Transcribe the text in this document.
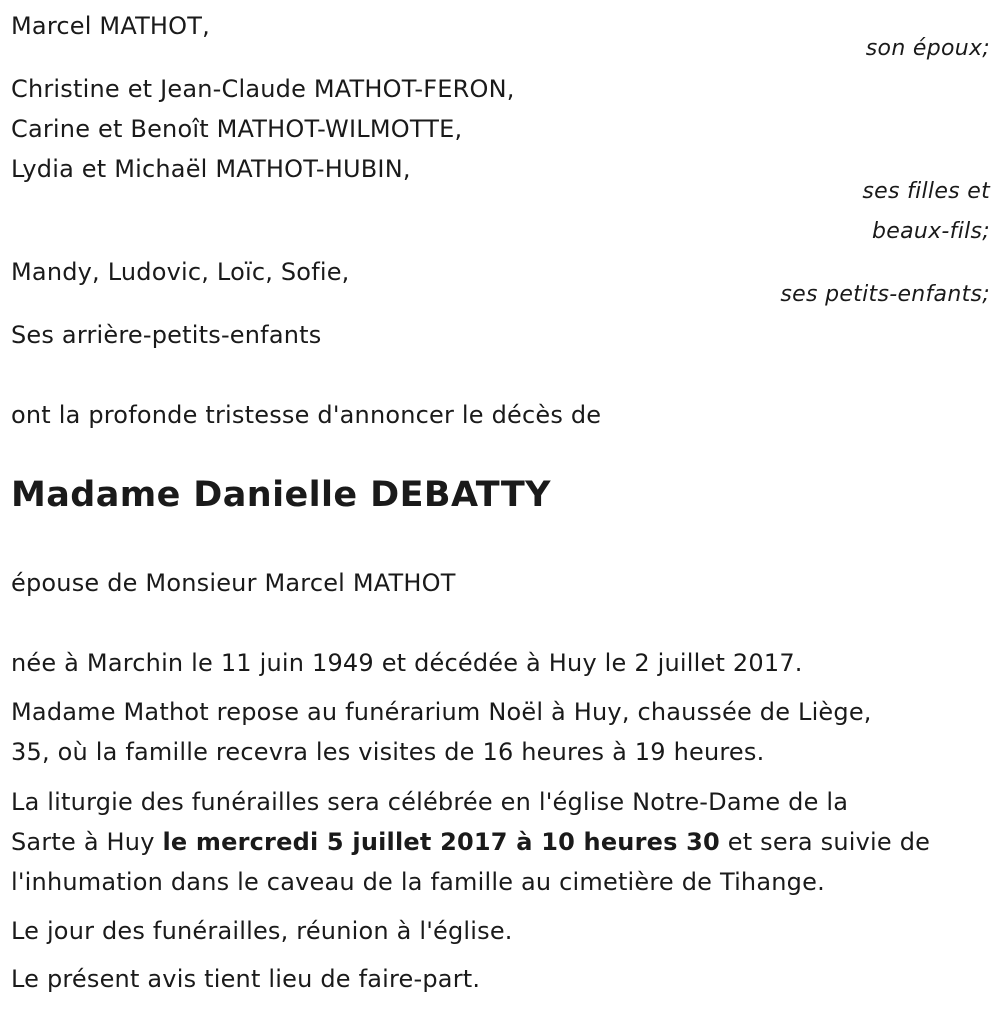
Marcel MATHOT,
son époux;
Christine et Jean-Claude MATHOT-FERON,
Carine et Benoît MATHOT-WILMOTTE,
Lydia et Michaël MATHOT-HUBIN,
ses filles et
beaux-fils;
Mandy, Ludovic, Loïc, Sofie,
ses petits-enfants;
Ses arrière-petits-enfants
ont la profonde tristesse d'annoncer le décès de
Madame Danielle DEBATTY
épouse de Monsieur Marcel MATHOT
née à Marchin le 11 juin 1949 et décédée à Huy le 2 juillet 2017.
Madame Mathot repose au funérarium Noël à Huy, chaussée de Liège,
35, où la famille recevra les visites de 16 heures à 19 heures.
La liturgie des funérailles sera célébrée en l'église Notre-Dame de la
Sarte à Huy le mercredi 5 juillet 2017 à 10 heures 30 et sera suivie de
l'inhumation dans le caveau de la famille au cimetière de Tihange.
Le jour des funérailles, réunion à l'église.
Le présent avis tient lieu de faire-part.
